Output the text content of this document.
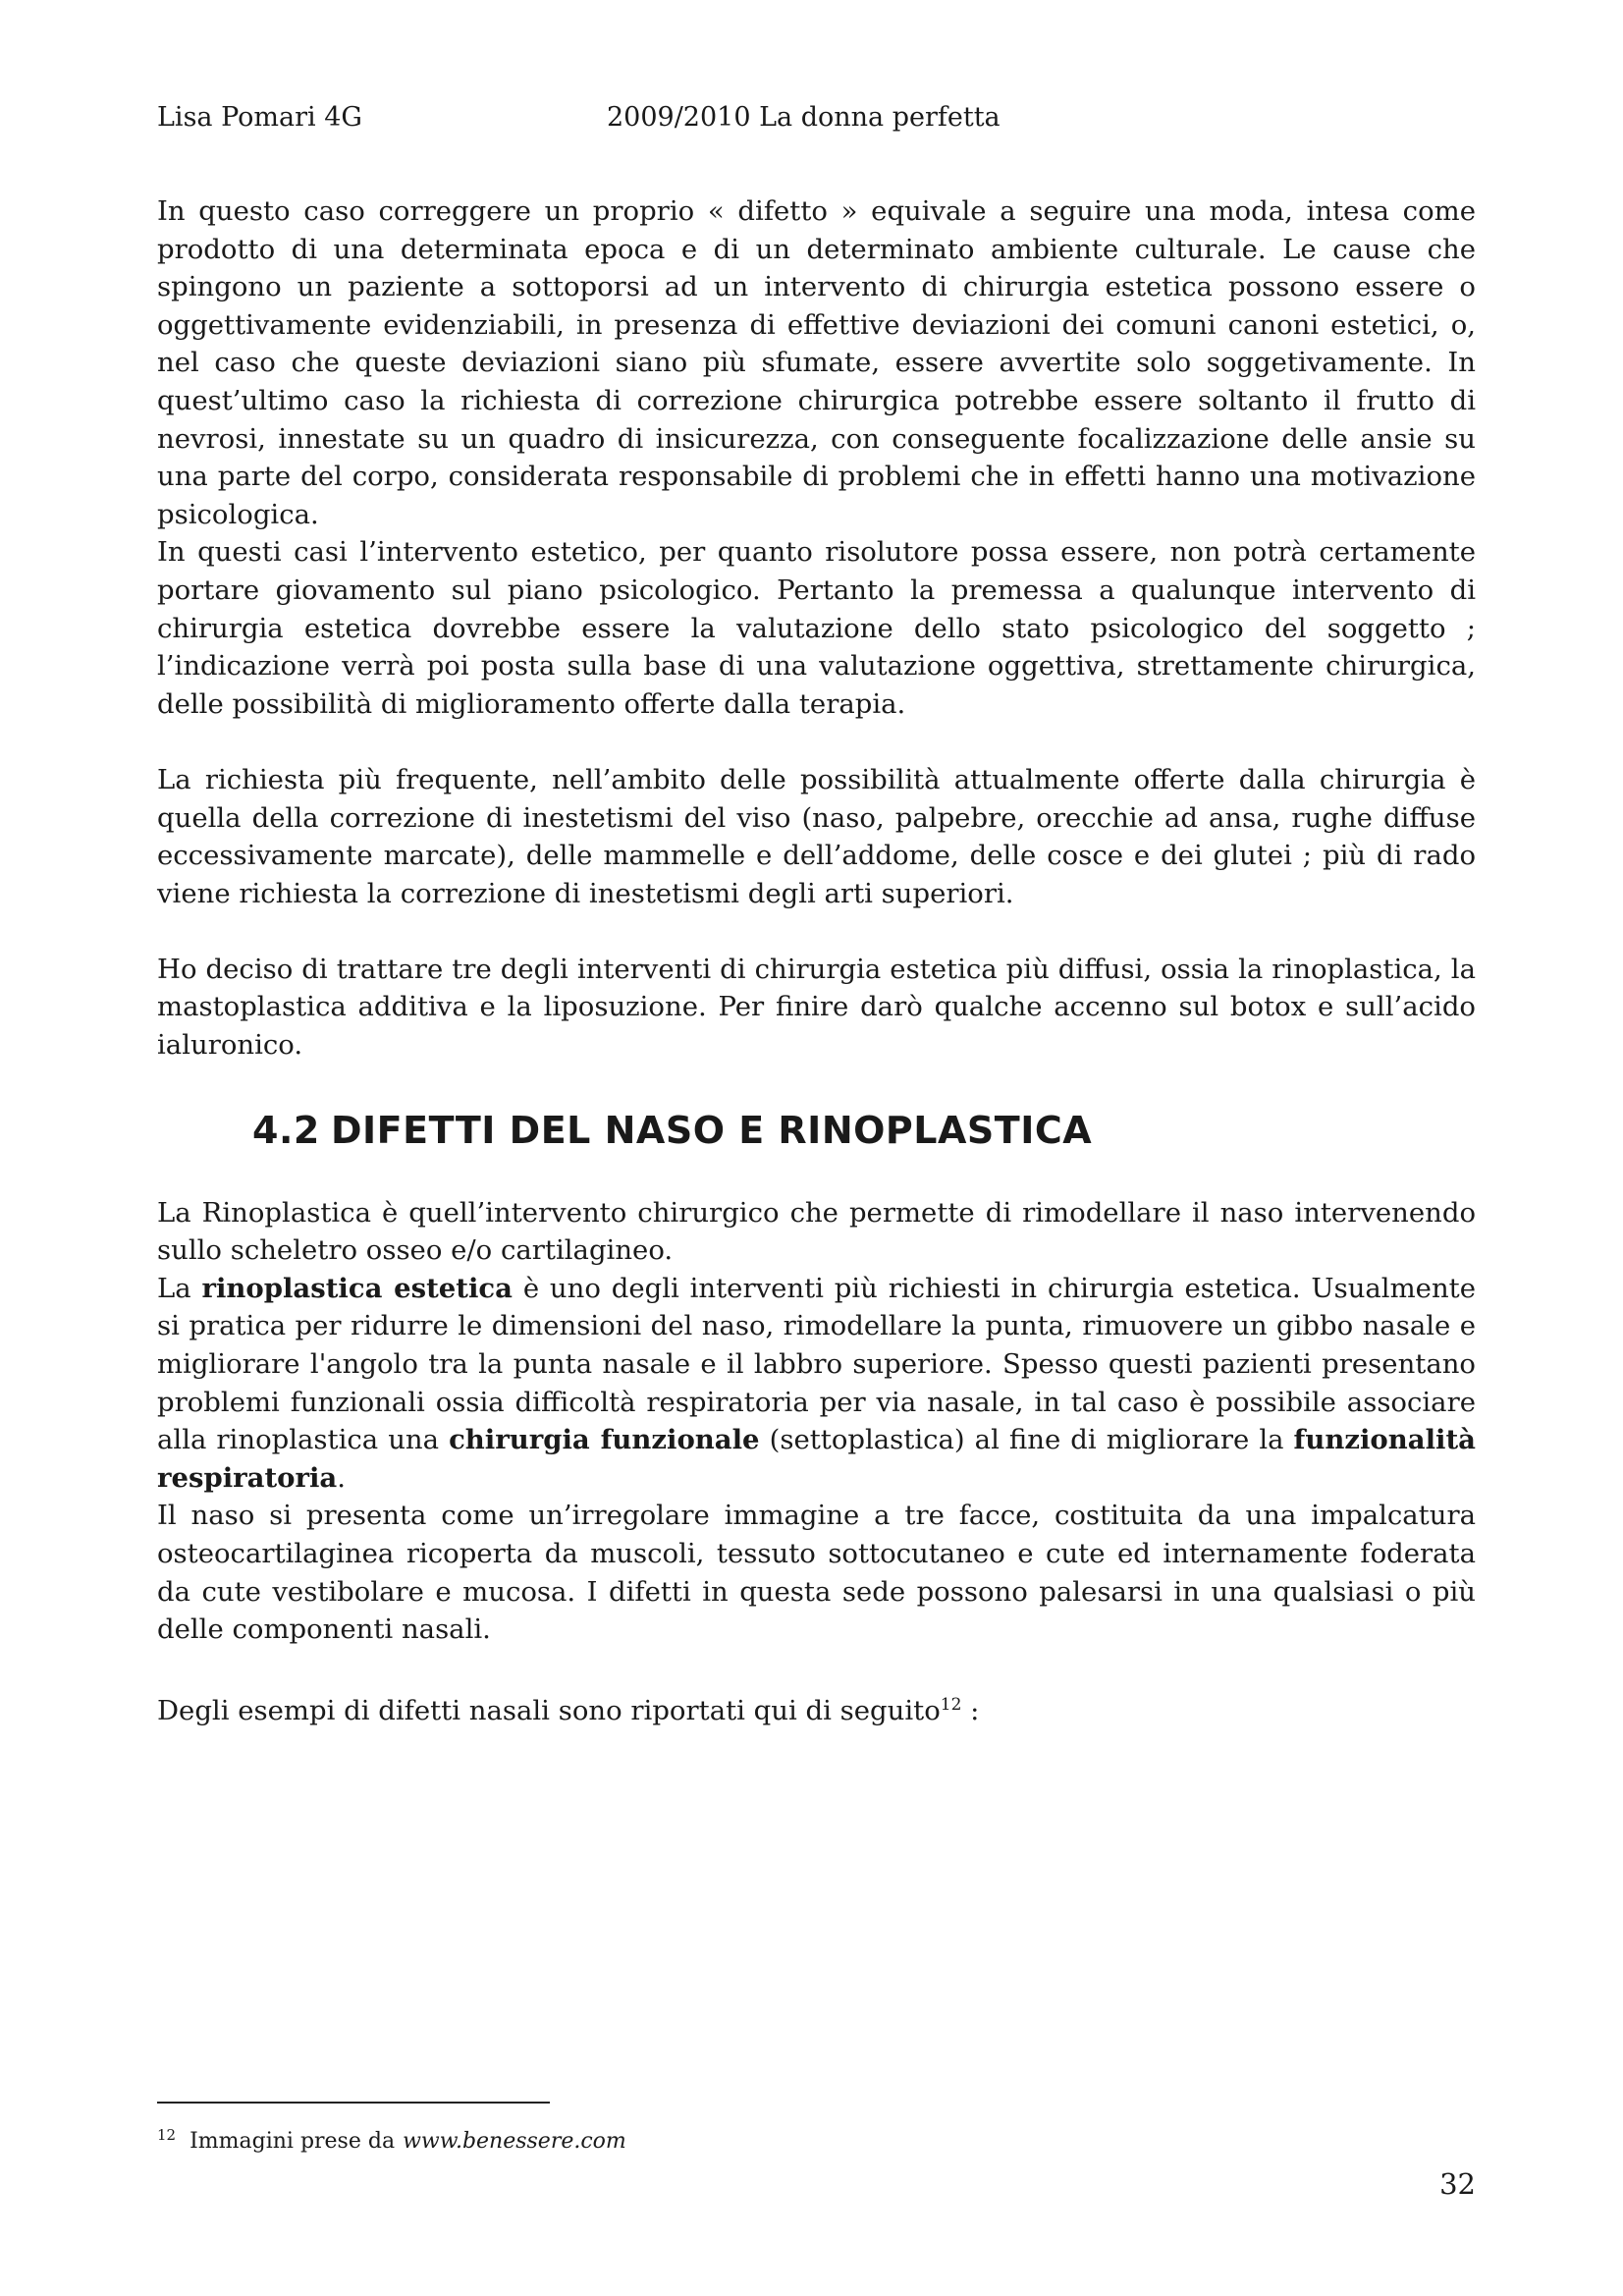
Lisa Pomari 4G	2009/2010 La donna perfetta

In questo caso correggere un proprio « difetto » equivale a seguire una moda, intesa come prodotto di una determinata epoca e di un determinato ambiente culturale. Le cause che spingono un paziente a sottoporsi ad un intervento di chirurgia estetica possono essere o oggettivamente evidenziabili, in presenza di effettive deviazioni dei comuni canoni estetici, o, nel caso che queste deviazioni siano più sfumate, essere avvertite solo soggetivamente. In quest’ultimo caso la richiesta di correzione chirurgica potrebbe essere soltanto il frutto di nevrosi, innestate su un quadro di insicurezza, con conseguente focalizzazione delle ansie su una parte del corpo, considerata responsabile di problemi che in effetti hanno una motivazione psicologica.

In questi casi l’intervento estetico, per quanto risolutore possa essere, non potrà certamente portare giovamento sul piano psicologico. Pertanto la premessa a qualunque intervento di chirurgia estetica dovrebbe essere la valutazione dello stato psicologico del soggetto ; l’indicazione verrà poi posta sulla base di una valutazione oggettiva, strettamente chirurgica, delle possibilità di miglioramento offerte dalla terapia.

La richiesta più frequente, nell’ambito delle possibilità attualmente offerte dalla chirurgia è quella della correzione di inestetismi del viso (naso, palpebre, orecchie ad ansa, rughe diffuse eccessivamente marcate), delle mammelle e dell’addome, delle cosce e dei glutei ; più di rado viene richiesta la correzione di inestetismi degli arti superiori.

Ho deciso di trattare tre degli interventi di chirurgia estetica più diffusi, ossia la rinoplastica, la mastoplastica additiva e la liposuzione. Per finire darò qualche accenno sul botox e sull’acido ialuronico.

4.2 DIFETTI DEL NASO E RINOPLASTICA

La Rinoplastica è quell’intervento chirurgico che permette di rimodellare il naso intervenendo sullo scheletro osseo e/o cartilagineo.

La rinoplastica estetica è uno degli interventi più richiesti in chirurgia estetica. Usualmente si pratica per ridurre le dimensioni del naso, rimodellare la punta, rimuovere un gibbo nasale e migliorare l'angolo tra la punta nasale e il labbro superiore. Spesso questi pazienti presentano problemi funzionali ossia difficoltà respiratoria per via nasale, in tal caso è possibile associare alla rinoplastica una chirurgia funzionale (settoplastica) al fine di migliorare la funzionalità respiratoria.

Il naso si presenta come un’irregolare immagine a tre facce, costituita da una impalcatura osteocartilaginea ricoperta da muscoli, tessuto sottocutaneo e cute ed internamente foderata da cute vestibolare e mucosa. I difetti in questa sede possono palesarsi in una qualsiasi o più delle componenti nasali.

Degli esempi di difetti nasali sono riportati qui di seguito$^{12}$ :

$^{12}$ Immagini prese da www.benessere.com
32
